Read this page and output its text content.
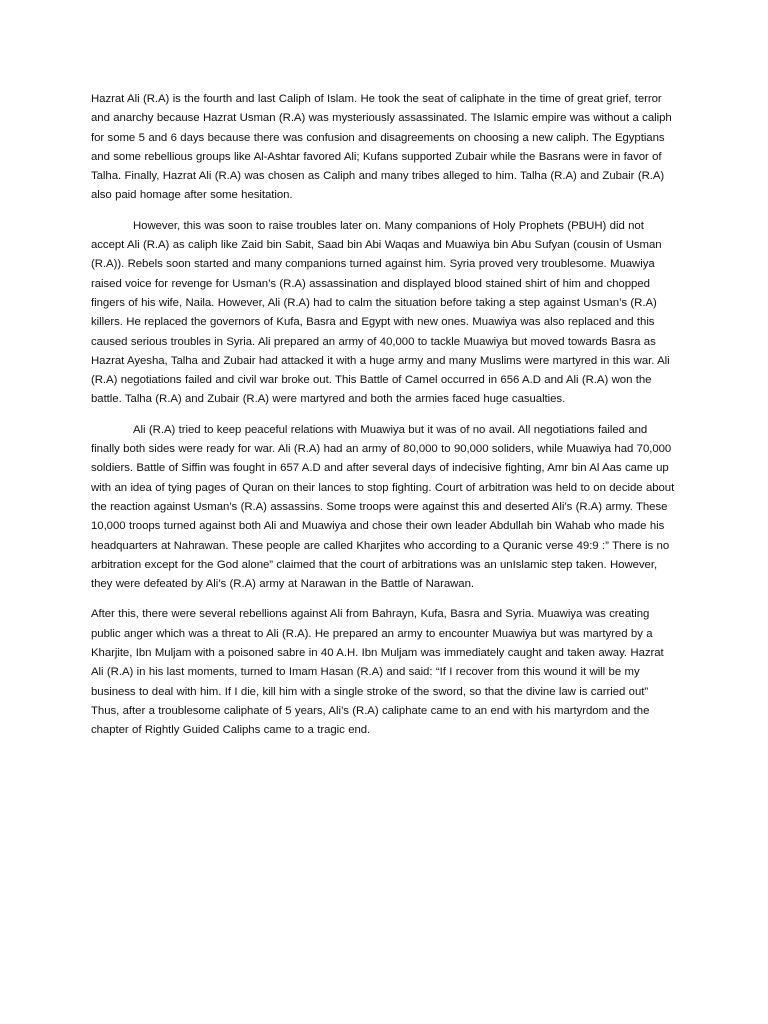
Hazrat Ali (R.A) is the fourth and last Caliph of Islam. He took the seat of caliphate in the time of great grief, terror and anarchy because Hazrat Usman (R.A) was mysteriously assassinated. The Islamic empire was without a caliph for some 5 and 6 days because there was confusion and disagreements on choosing a new caliph. The Egyptians and some rebellious groups like Al-Ashtar favored Ali; Kufans supported Zubair while the Basrans were in favor of Talha. Finally, Hazrat Ali (R.A) was chosen as Caliph and many tribes alleged to him. Talha (R.A) and Zubair (R.A) also paid homage after some hesitation.

However, this was soon to raise troubles later on. Many companions of Holy Prophets (PBUH) did not accept Ali (R.A) as caliph like Zaid bin Sabit, Saad bin Abi Waqas and Muawiya bin Abu Sufyan (cousin of Usman (R.A)). Rebels soon started and many companions turned against him. Syria proved very troublesome. Muawiya raised voice for revenge for Usman’s (R.A) assassination and displayed blood stained shirt of him and chopped fingers of his wife, Naila. However, Ali (R.A) had to calm the situation before taking a step against Usman’s (R.A) killers. He replaced the governors of Kufa, Basra and Egypt with new ones. Muawiya was also replaced and this caused serious troubles in Syria. Ali prepared an army of 40,000 to tackle Muawiya but moved towards Basra as Hazrat Ayesha, Talha and Zubair had attacked it with a huge army and many Muslims were martyred in this war. Ali (R.A) negotiations failed and civil war broke out. This Battle of Camel occurred in 656 A.D and Ali (R.A) won the battle. Talha (R.A) and Zubair (R.A) were martyred and both the armies faced huge casualties.

Ali (R.A) tried to keep peaceful relations with Muawiya but it was of no avail. All negotiations failed and finally both sides were ready for war. Ali (R.A) had an army of 80,000 to 90,000 soliders, while Muawiya had 70,000 soldiers. Battle of Siffin was fought in 657 A.D and after several days of indecisive fighting, Amr bin Al Aas came up with an idea of tying pages of Quran on their lances to stop fighting. Court of arbitration was held to on decide about the reaction against Usman’s (R.A) assassins. Some troops were against this and deserted Ali’s (R.A) army. These 10,000 troops turned against both Ali and Muawiya and chose their own leader Abdullah bin Wahab who made his headquarters at Nahrawan. These people are called Kharjites who according to a Quranic verse 49:9 :” There is no arbitration except for the God alone” claimed that the court of arbitrations was an unIslamic step taken. However, they were defeated by Ali’s (R.A) army at Narawan in the Battle of Narawan.

After this, there were several rebellions against Ali from Bahrayn, Kufa, Basra and Syria. Muawiya was creating public anger which was a threat to Ali (R.A). He prepared an army to encounter Muawiya but was martyred by a Kharjite, Ibn Muljam with a poisoned sabre in 40 A.H. Ibn Muljam was immediately caught and taken away. Hazrat Ali (R.A) in his last moments, turned to Imam Hasan (R.A) and said: “If I recover from this wound it will be my business to deal with him. If I die, kill him with a single stroke of the sword, so that the divine law is carried out” Thus, after a troublesome caliphate of 5 years, Ali’s (R.A) caliphate came to an end with his martyrdom and the chapter of Rightly Guided Caliphs came to a tragic end.
